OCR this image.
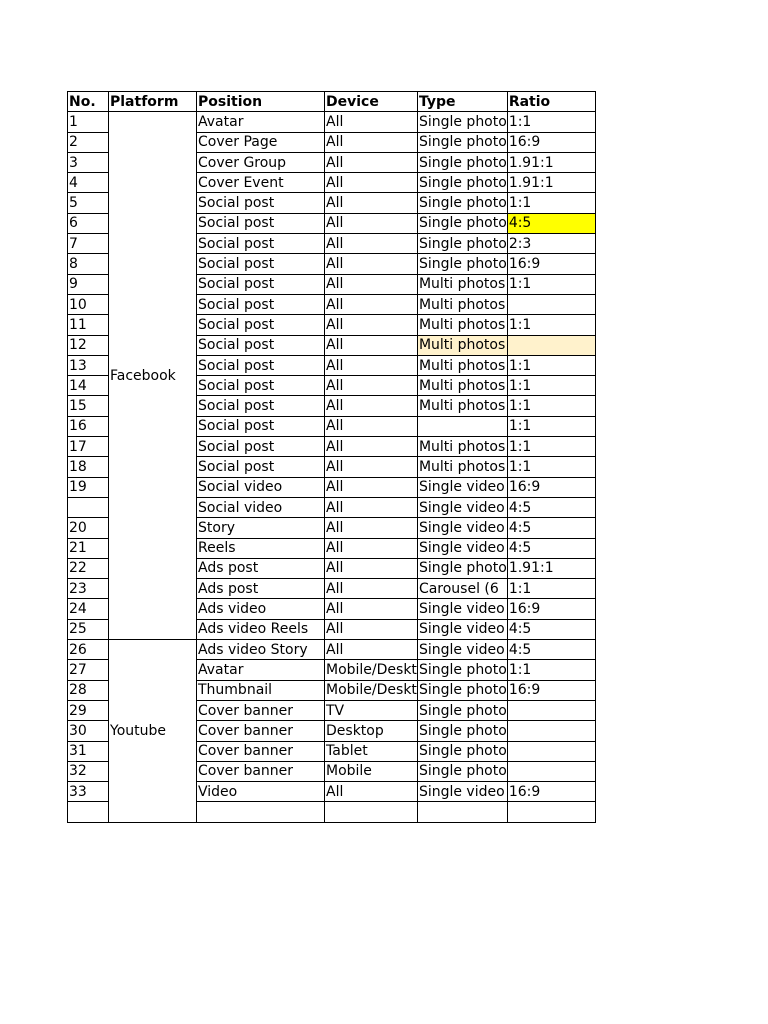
No.	Platform	Position	Device	Type	Ratio
1	Facebook	Avatar	All	Single photo	1:1
2		Cover Page	All	Single photo	16:9
3		Cover Group	All	Single photo	1.91:1
4		Cover Event	All	Single photo	1.91:1
5		Social post	All	Single photo	1:1
6		Social post	All	Single photo	4:5
7		Social post	All	Single photo	2:3
8		Social post	All	Single photo	16:9
9		Social post	All	Multi photos	1:1
10		Social post	All	Multi photos	
11		Social post	All	Multi photos	1:1
12		Social post	All	Multi photos	
13		Social post	All	Multi photos	1:1
14		Social post	All	Multi photos	1:1
15		Social post	All	Multi photos	1:1
16		Social post	All		1:1
17		Social post	All	Multi photos	1:1
18		Social post	All	Multi photos	1:1
19		Social video	All	Single video	16:9
		Social video	All	Single video	4:5
20		Story	All	Single video	4:5
21		Reels	All	Single video	4:5
22		Ads post	All	Single photo	1.91:1
23		Ads post	All	Carousel (6	1:1
24		Ads video	All	Single video	16:9
25		Ads video Reels	All	Single video	4:5
26	Youtube	Ads video Story	All	Single video	4:5
27		Avatar	Mobile/Deskt	Single photo	1:1
28		Thumbnail	Mobile/Deskt	Single photo	16:9
29		Cover banner	TV	Single photo	
30		Cover banner	Desktop	Single photo	
31		Cover banner	Tablet	Single photo	
32		Cover banner	Mobile	Single photo	
33		Video	All	Single video	16:9
